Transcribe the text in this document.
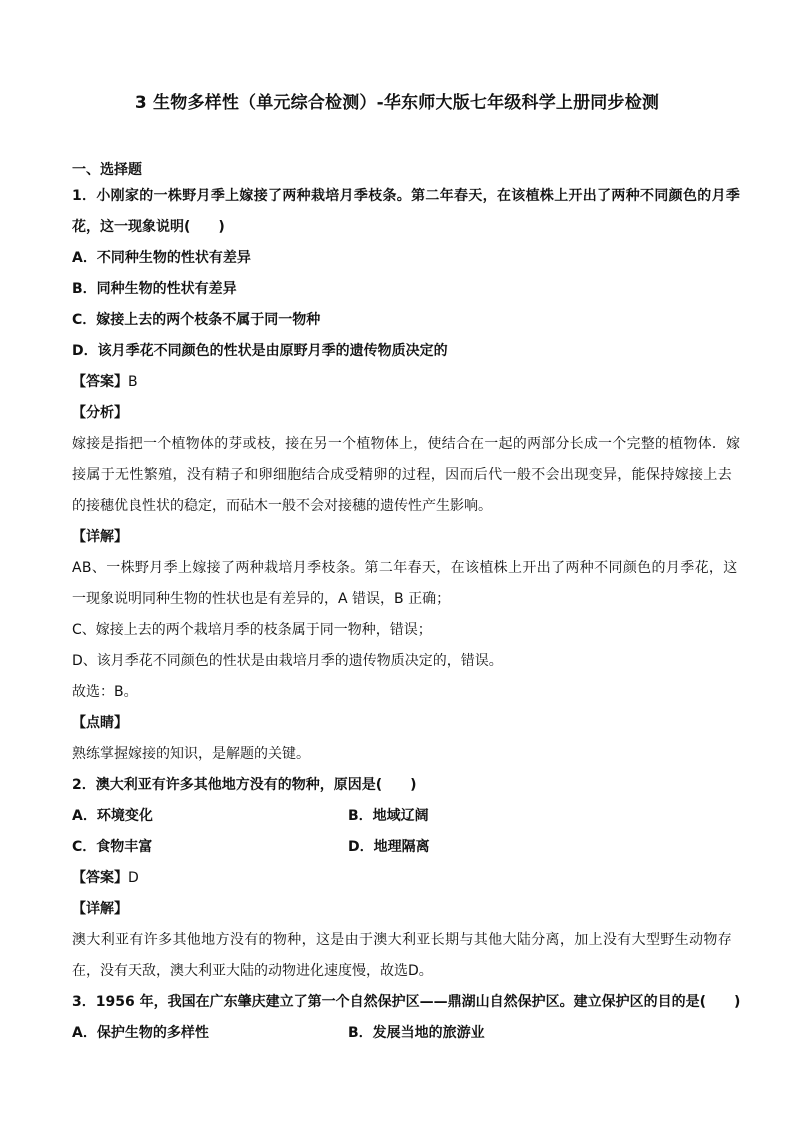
3 生物多样性（单元综合检测）-华东师大版七年级科学上册同步检测
一、选择题
1．小刚家的一株野月季上嫁接了两种栽培月季枝条。第二年春天，在该植株上开出了两种不同颜色的月季
花，这一现象说明(　　)
A．不同种生物的性状有差异
B．同种生物的性状有差异
C．嫁接上去的两个枝条不属于同一物种
D．该月季花不同颜色的性状是由原野月季的遗传物质决定的
【答案】B
【分析】
嫁接是指把一个植物体的芽或枝，接在另一个植物体上，使结合在一起的两部分长成一个完整的植物体．嫁
接属于无性繁殖，没有精子和卵细胞结合成受精卵的过程，因而后代一般不会出现变异，能保持嫁接上去
的接穗优良性状的稳定，而砧木一般不会对接穗的遗传性产生影响。
【详解】
AB、一株野月季上嫁接了两种栽培月季枝条。第二年春天，在该植株上开出了两种不同颜色的月季花，这
一现象说明同种生物的性状也是有差异的，A 错误，B 正确；
C、嫁接上去的两个栽培月季的枝条属于同一物种，错误；
D、该月季花不同颜色的性状是由栽培月季的遗传物质决定的，错误。
故选：B。
【点睛】
熟练掌握嫁接的知识，是解题的关键。
2．澳大利亚有许多其他地方没有的物种，原因是(　　)
A．环境变化	B．地域辽阔
C．食物丰富	D．地理隔离
【答案】D
【详解】
澳大利亚有许多其他地方没有的物种，这是由于澳大利亚长期与其他大陆分离，加上没有大型野生动物存
在，没有天敌，澳大利亚大陆的动物进化速度慢，故选D。
3．1956 年，我国在广东肇庆建立了第一个自然保护区——鼎湖山自然保护区。建立保护区的目的是(　　)
A．保护生物的多样性	B．发展当地的旅游业
